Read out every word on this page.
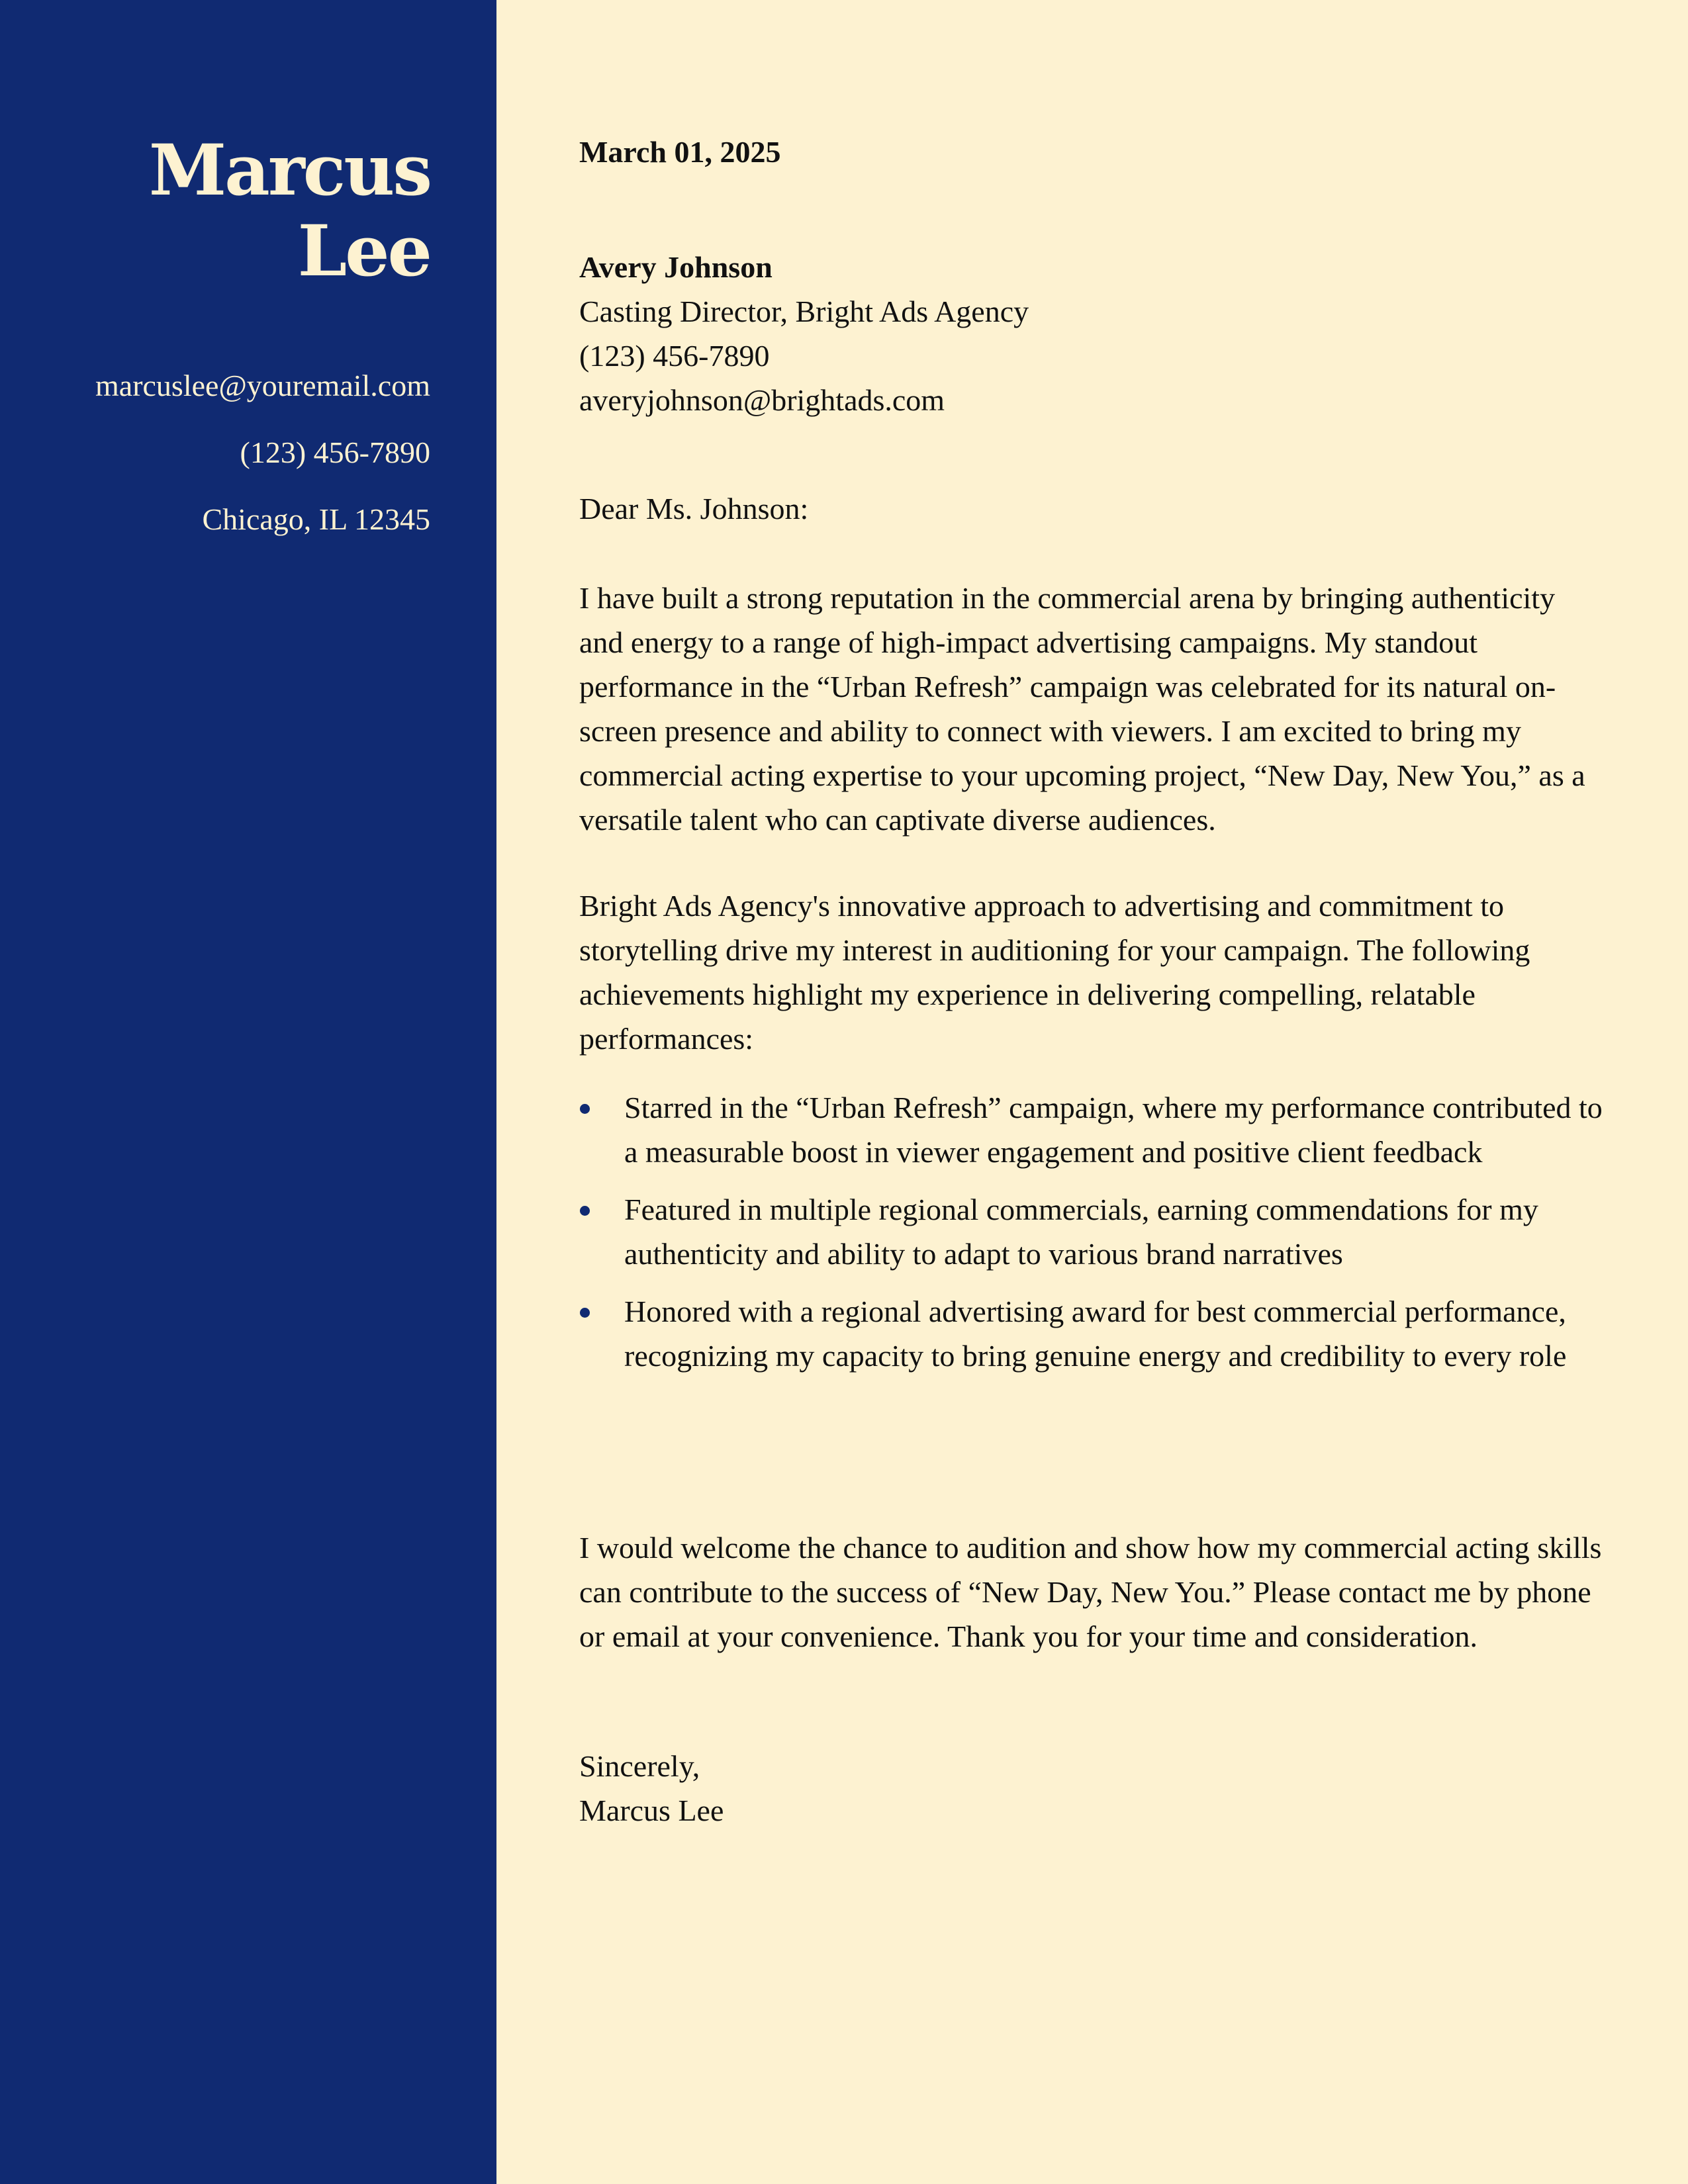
Marcus
Lee
marcuslee@youremail.com
(123) 456-7890
Chicago, IL 12345
March 01, 2025
Avery Johnson
Casting Director, Bright Ads Agency
(123) 456-7890
averyjohnson@brightads.com
Dear Ms. Johnson:

I have built a strong reputation in the commercial arena by bringing authenticity and energy to a range of high-impact advertising campaigns. My standout performance in the “Urban Refresh” campaign was celebrated for its natural on-screen presence and ability to connect with viewers. I am excited to bring my commercial acting expertise to your upcoming project, “New Day, New You,” as a versatile talent who can captivate diverse audiences.

Bright Ads Agency's innovative approach to advertising and commitment to storytelling drive my interest in auditioning for your campaign. The following achievements highlight my experience in delivering compelling, relatable performances:

Starred in the “Urban Refresh” campaign, where my performance contributed to a measurable boost in viewer engagement and positive client feedback
Featured in multiple regional commercials, earning commendations for my authenticity and ability to adapt to various brand narratives
Honored with a regional advertising award for best commercial performance, recognizing my capacity to bring genuine energy and credibility to every role

I would welcome the chance to audition and show how my commercial acting skills can contribute to the success of “New Day, New You.” Please contact me by phone or email at your convenience. Thank you for your time and consideration.

Sincerely,
Marcus Lee
